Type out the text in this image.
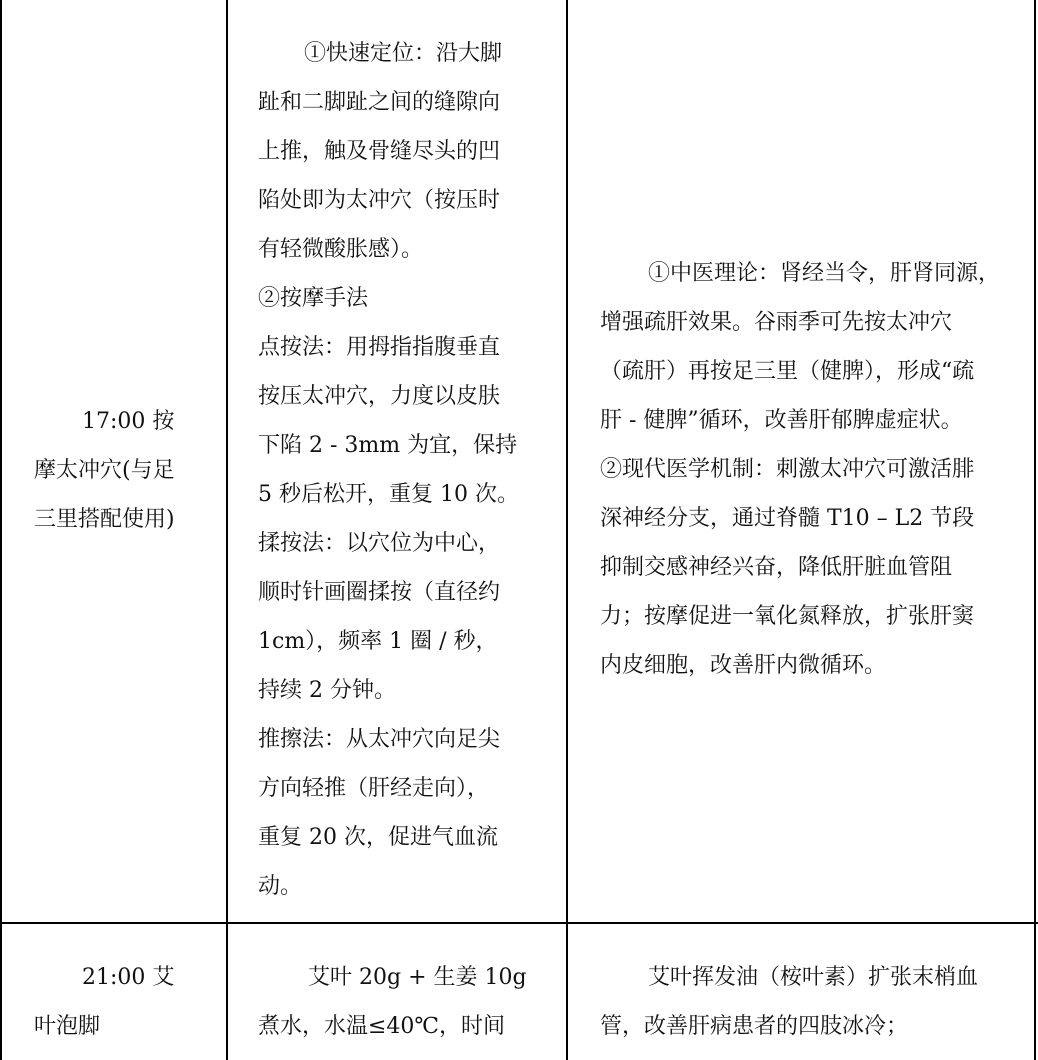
17:00 按

摩太冲穴(与足

三里搭配使用)

①快速定位：沿大脚

趾和二脚趾之间的缝隙向

上推，触及骨缝尽头的凹

陷处即为太冲穴（按压时

有轻微酸胀感）。

②按摩手法

点按法：用拇指指腹垂直

按压太冲穴，力度以皮肤

下陷 2 - 3mm 为宜，保持

5 秒后松开，重复 10 次。

揉按法：以穴位为中心，

顺时针画圈揉按（直径约

1cm），频率 1 圈 / 秒，

持续 2 分钟。

推擦法：从太冲穴向足尖

方向轻推（肝经走向），

重复 20 次，促进气血流

动。

①中医理论：肾经当令，肝肾同源，

增强疏肝效果。谷雨季可先按太冲穴

（疏肝）再按足三里（健脾），形成“疏

肝 - 健脾”循环，改善肝郁脾虚症状。

②现代医学机制：刺激太冲穴可激活腓

深神经分支，通过脊髓 T10 – L2 节段

抑制交感神经兴奋，降低肝脏血管阻

力；按摩促进一氧化氮释放，扩张肝窦

内皮细胞，改善肝内微循环。

21:00 艾

叶泡脚

艾叶 20g + 生姜 10g

煮水，水温≤40℃，时间

艾叶挥发油（桉叶素）扩张末梢血

管，改善肝病患者的四肢冰冷；
